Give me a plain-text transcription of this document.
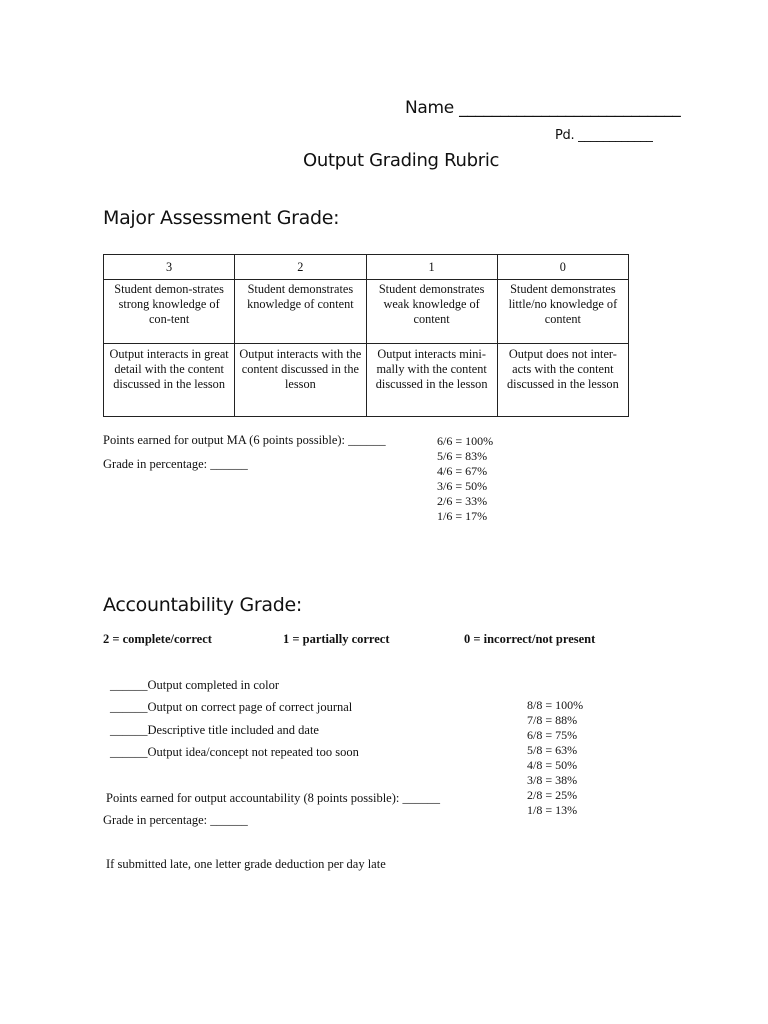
Name ___________________________
Pd. ____________
Output Grading Rubric
Major Assessment Grade:
3	2	1	0
Student demon-strates strong knowledge of con-tent	Student demonstrates knowledge of content	Student demonstrates weak knowledge of content	Student demonstrates little/no knowledge of content
Output interacts in great detail with the content discussed in the lesson	Output interacts with the content discussed in the lesson	Output interacts mini-mally with the content discussed in the lesson	Output does not inter-acts with the content discussed in the lesson
Points earned for output MA (6 points possible): ______
Grade in percentage: ______
6/6 = 100%
5/6 = 83%
4/6 = 67%
3/6 = 50%
2/6 = 33%
1/6 = 17%
Accountability Grade:
2 = complete/correct	1 = partially correct	0 = incorrect/not present
______Output completed in color
______Output on correct page of correct journal
______Descriptive title included and date
______Output idea/concept not repeated too soon
8/8 = 100%
7/8 = 88%
6/8 = 75%
5/8 = 63%
4/8 = 50%
3/8 = 38%
2/8 = 25%
1/8 = 13%
Points earned for output accountability (8 points possible): ______
Grade in percentage: ______
If submitted late, one letter grade deduction per day late
